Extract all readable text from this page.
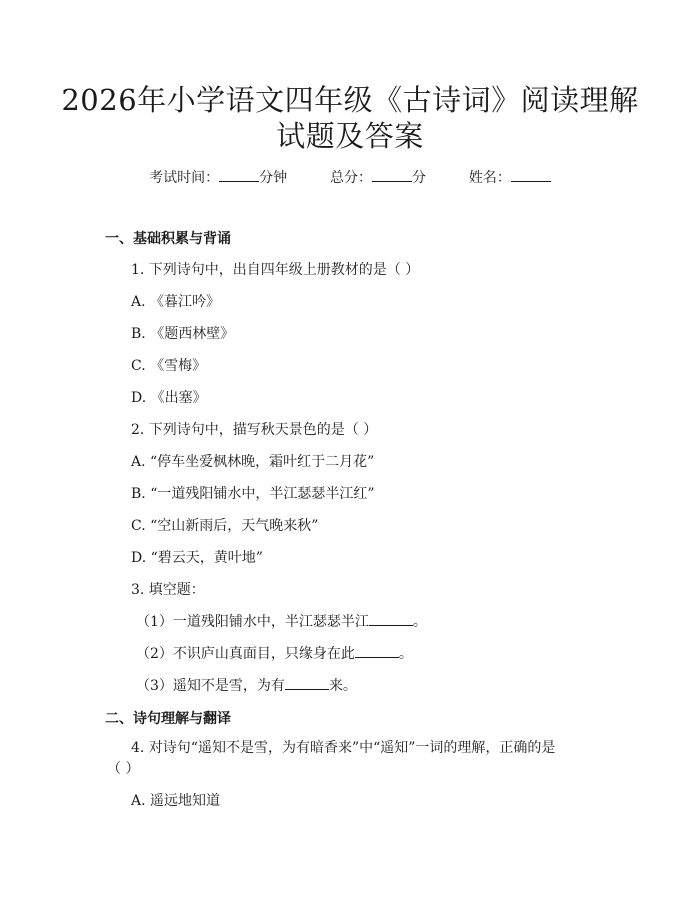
2026年小学语文四年级《古诗词》阅读理解
试题及答案
考试时间：	分钟	总分：	分	姓名：
一、基础积累与背诵
1. 下列诗句中，出自四年级上册教材的是（ ）
A. 《暮江吟》
B. 《题西林壁》
C. 《雪梅》
D. 《出塞》
2. 下列诗句中，描写秋天景色的是（ ）
A. “停车坐爱枫林晚，霜叶红于二月花”
B. “一道残阳铺水中，半江瑟瑟半江红”
C. “空山新雨后，天气晚来秋”
D. “碧云天，黄叶地”
3. 填空题：
（1）一道残阳铺水中，半江瑟瑟半江	。
（2）不识庐山真面目，只缘身在此	。
（3）遥知不是雪，为有	来。
二、诗句理解与翻译
4. 对诗句“遥知不是雪，为有暗香来”中“遥知”一词的理解，正确的是
（ ）
A. 遥远地知道
